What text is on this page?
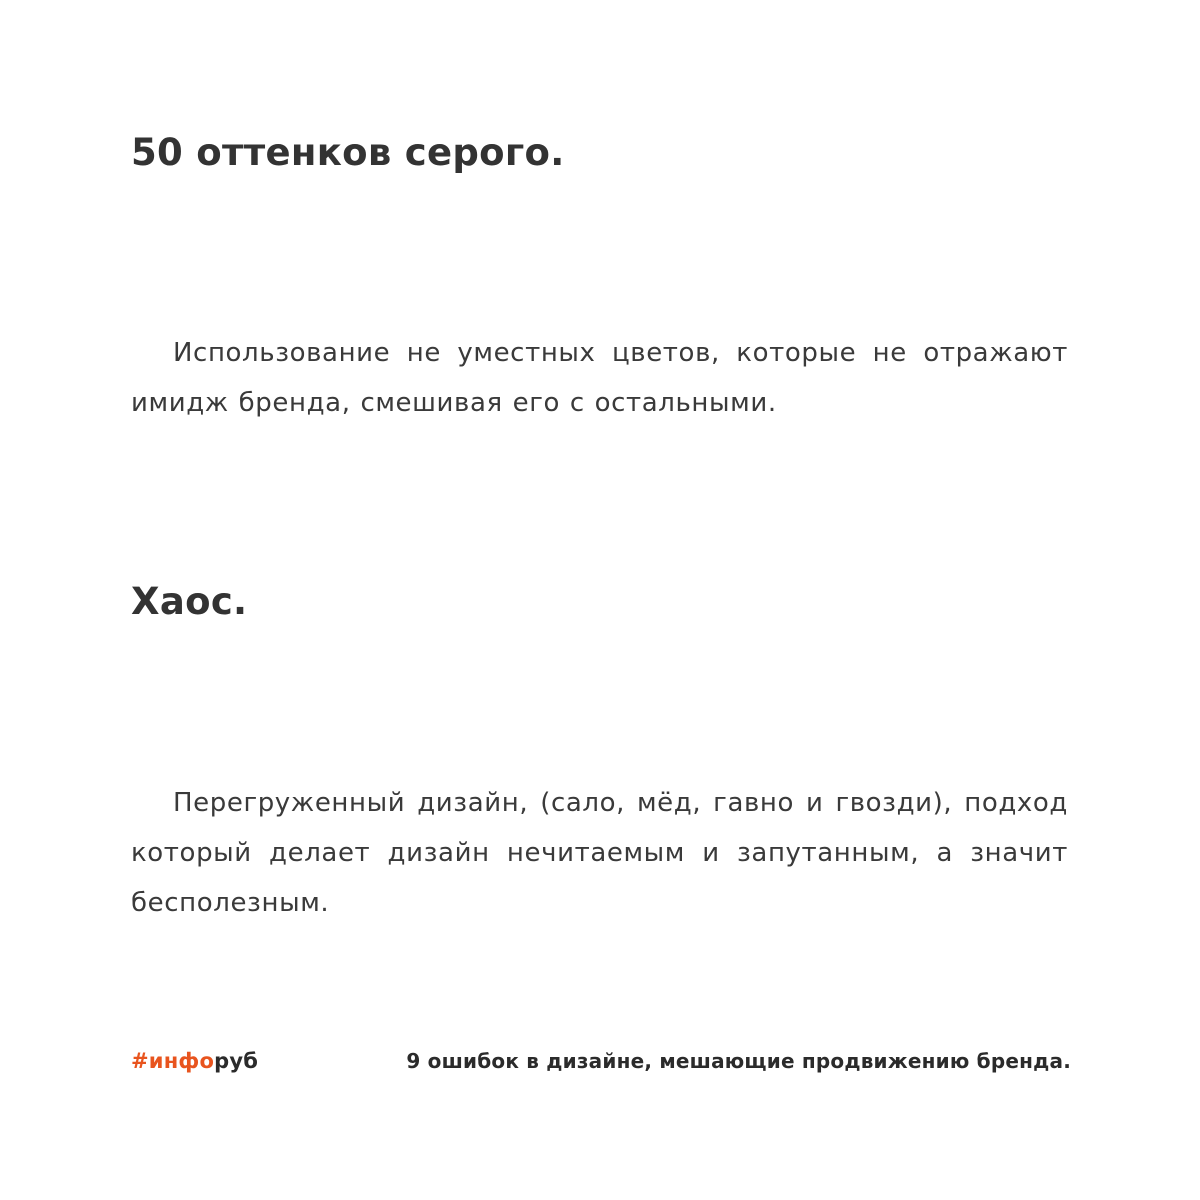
50 оттенков серого.

Использование не уместных цветов, которые не отражают имидж бренда, смешивая его с остальными.

Хаос.

Перегруженный дизайн, (сало, мёд, гавно и гвозди), подход который делает дизайн нечитаемым и запутанным, а значит бесполезным.

#инфоруб	9 ошибок в дизайне, мешающие продвижению бренда.
